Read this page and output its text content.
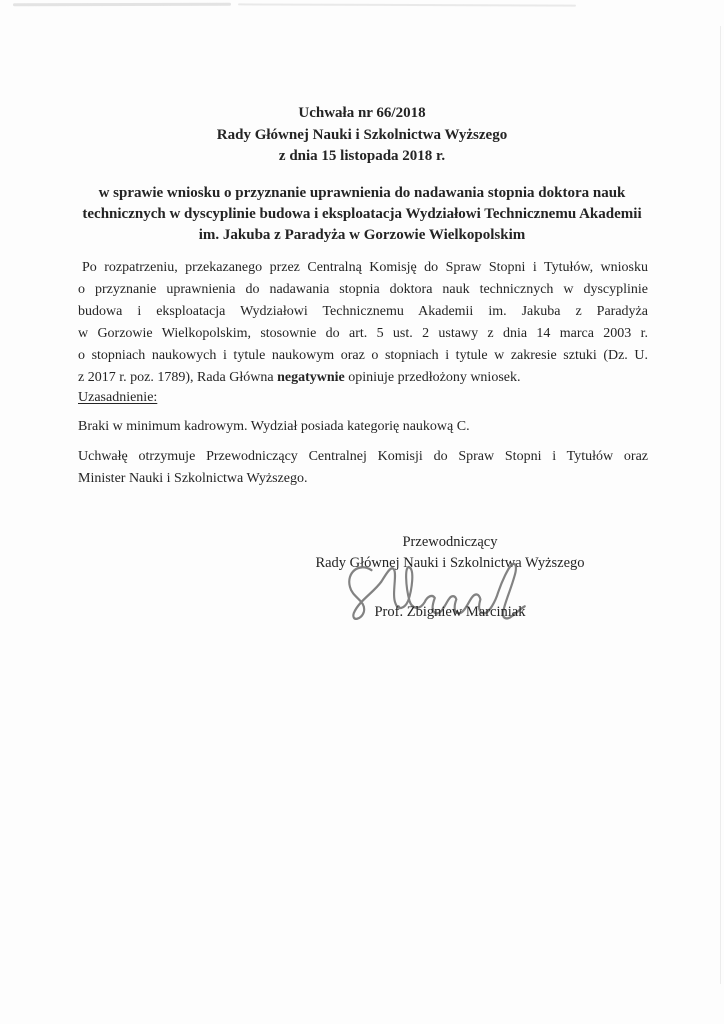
Uchwała nr 66/2018
Rady Głównej Nauki i Szkolnictwa Wyższego
z dnia 15 listopada 2018 r.
w sprawie wniosku o przyznanie uprawnienia do nadawania stopnia doktora nauk
technicznych w dyscyplinie budowa i eksploatacja Wydziałowi Technicznemu Akademii
im. Jakuba z Paradyża w Gorzowie Wielkopolskim
Po rozpatrzeniu, przekazanego przez Centralną Komisję do Spraw Stopni i Tytułów, wniosku
o przyznanie uprawnienia do nadawania stopnia doktora nauk technicznych w dyscyplinie
budowa i eksploatacja Wydziałowi Technicznemu Akademii im. Jakuba z Paradyża
w Gorzowie Wielkopolskim, stosownie do art. 5 ust. 2 ustawy z dnia 14 marca 2003 r.
o stopniach naukowych i tytule naukowym oraz o stopniach i tytule w zakresie sztuki (Dz. U.
z 2017 r. poz. 1789), Rada Główna negatywnie opiniuje przedłożony wniosek.
Uzasadnienie:
Braki w minimum kadrowym. Wydział posiada kategorię naukową C.
Uchwałę otrzymuje Przewodniczący Centralnej Komisji do Spraw Stopni i Tytułów oraz
Minister Nauki i Szkolnictwa Wyższego.
Przewodniczący
Rady Głównej Nauki i Szkolnictwa Wyższego
Prof. Zbigniew Marciniak
